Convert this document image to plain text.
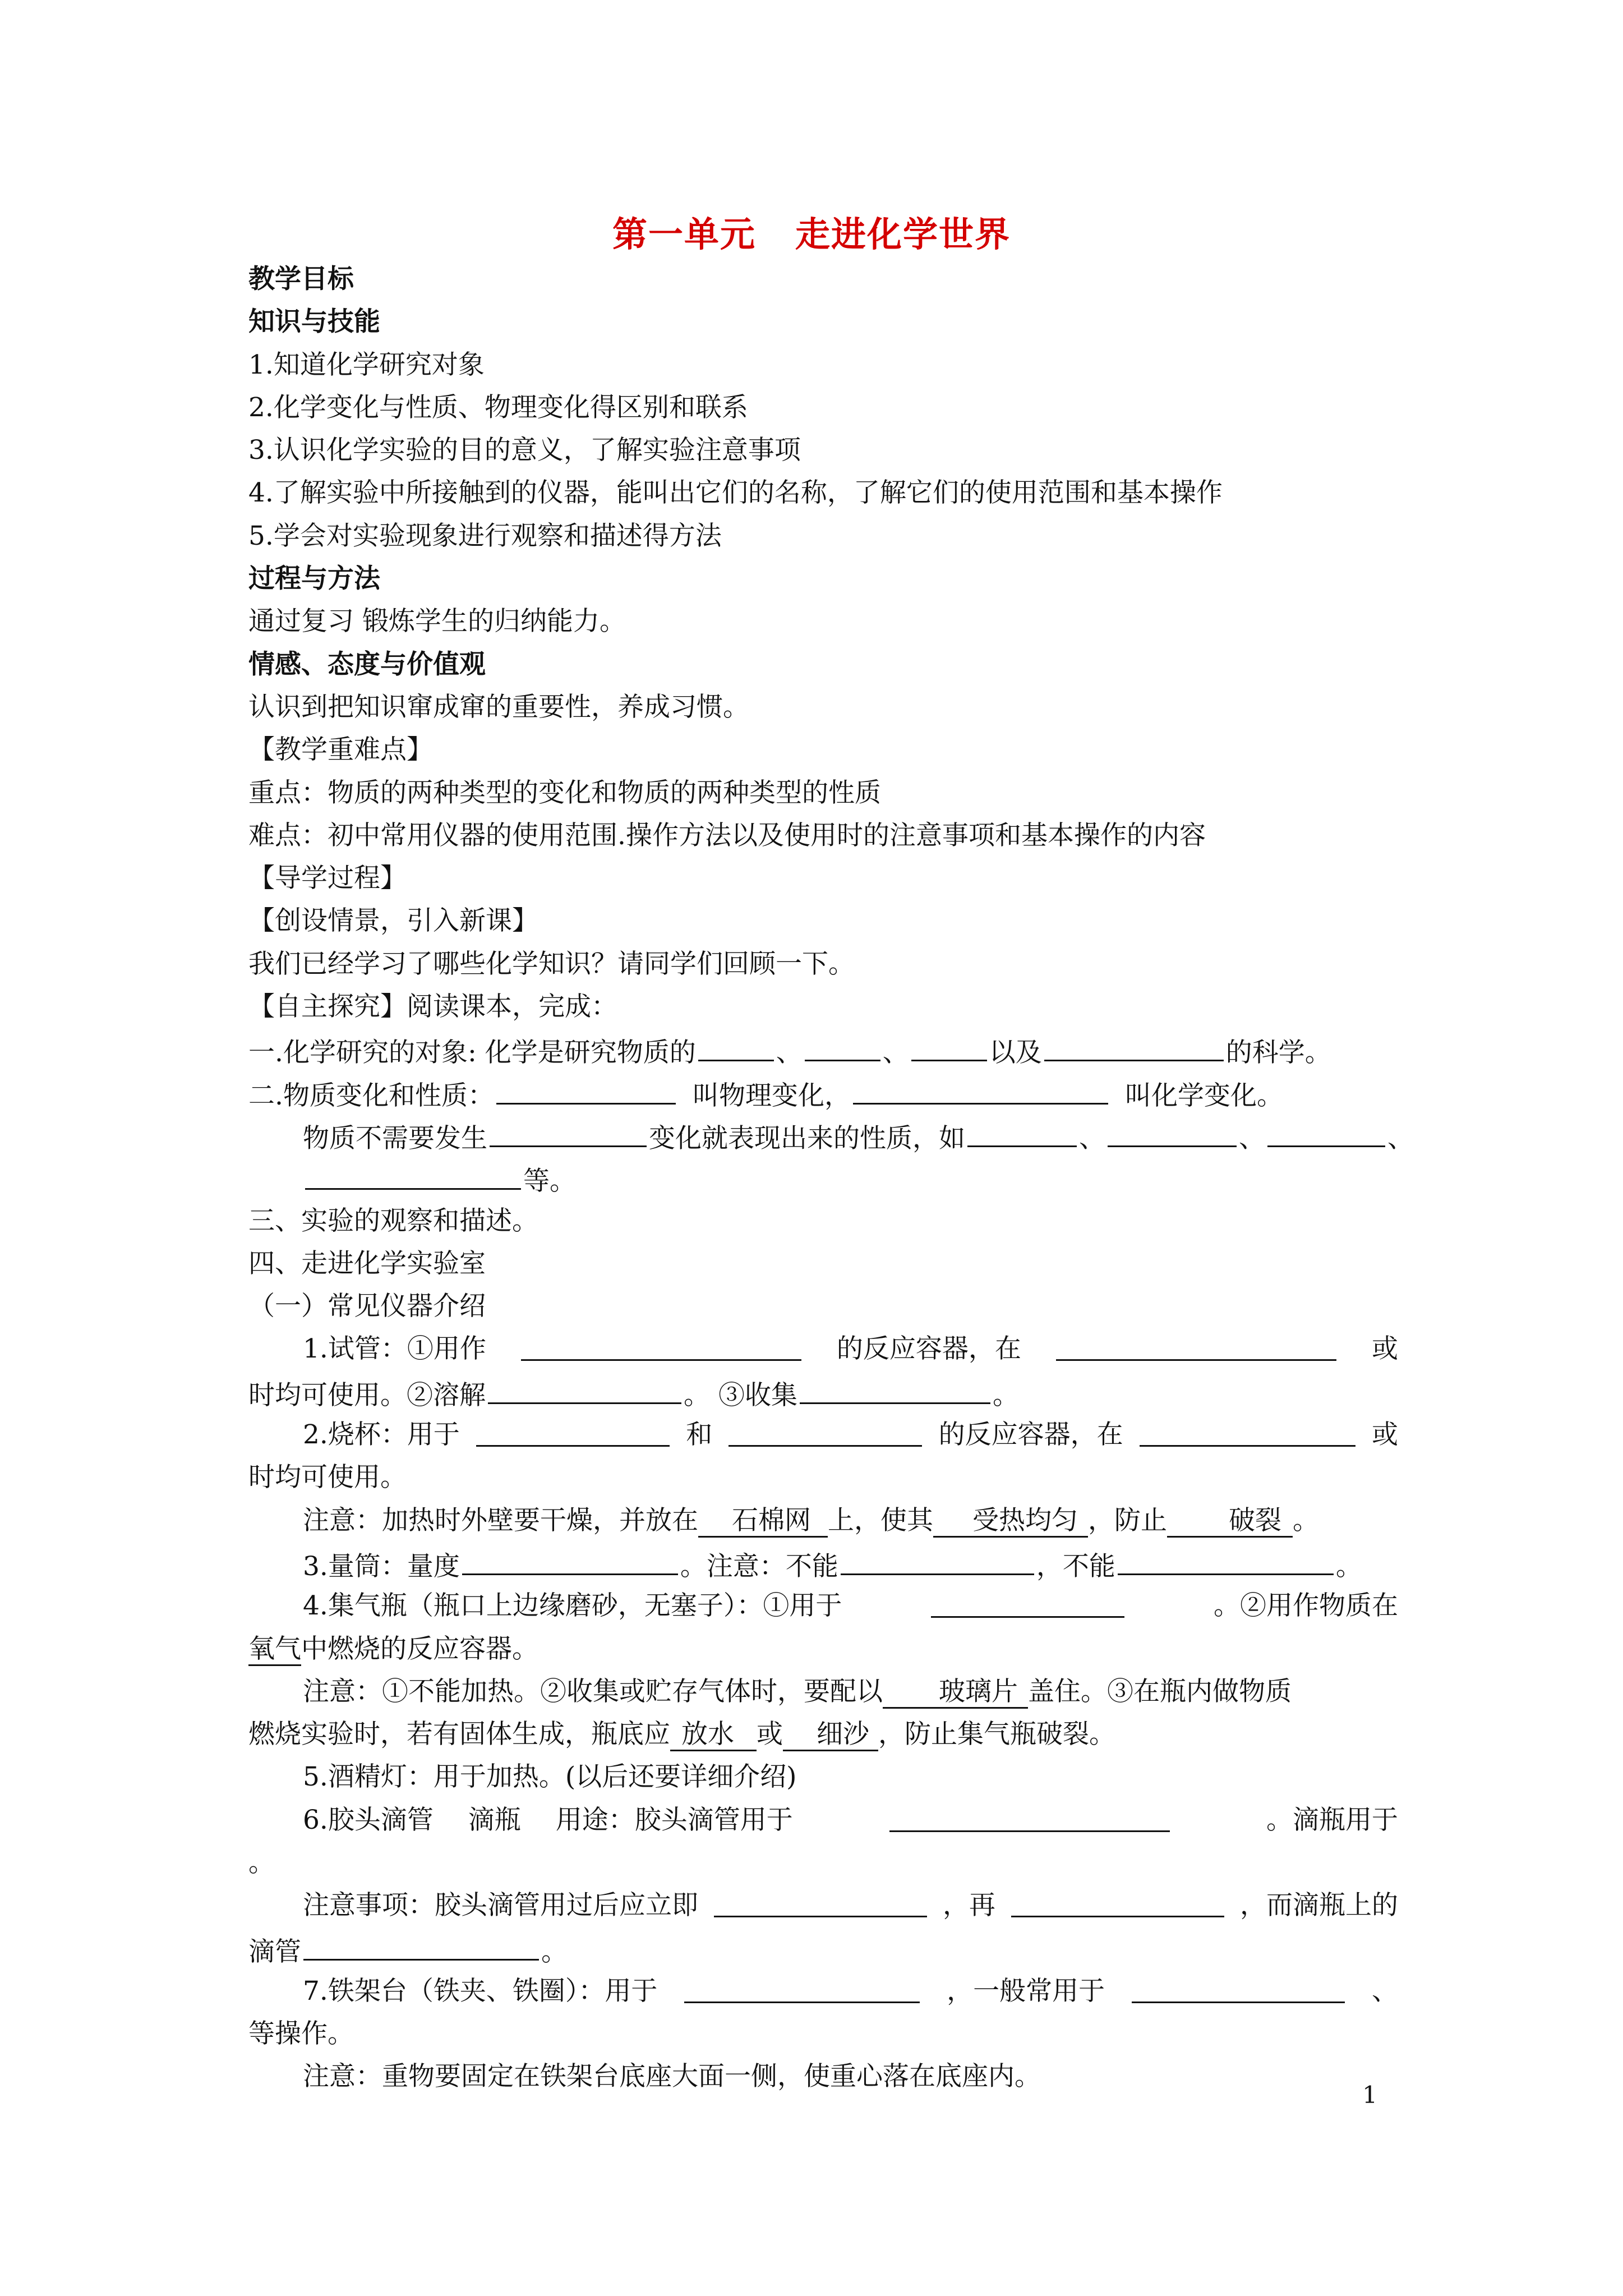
第一单元 走进化学世界
教学目标
知识与技能
1.知道化学研究对象
2.化学变化与性质、物理变化得区别和联系
3.认识化学实验的目的意义，了解实验注意事项
4.了解实验中所接触到的仪器，能叫出它们的名称，了解它们的使用范围和基本操作
5.学会对实验现象进行观察和描述得方法
过程与方法
通过复习 锻炼学生的归纳能力。
情感、态度与价值观
认识到把知识窜成窜的重要性，养成习惯。
【教学重难点】
重点：物质的两种类型的变化和物质的两种类型的性质
难点：初中常用仪器的使用范围.操作方法以及使用时的注意事项和基本操作的内容
【导学过程】
【创设情景，引入新课】
我们已经学习了哪些化学知识？请同学们回顾一下。
【自主探究】阅读课本，完成：
一.化学研究的对象: 化学是研究物质的	、	、	以及	的科学。
二.物质变化和性质：	叫物理变化，	叫化学变化。
物质不需要发生	变化就表现出来的性质，如	、	、	、
等。
三、实验的观察和描述。
四、走进化学实验室
（一）常见仪器介绍
1.试管：①用作	的反应容器，在	或
时均可使用。②溶解	。 ③收集	。
2.烧杯：用于	和	的反应容器，在	或
时均可使用。
注意：加热时外壁要干燥，并放在 石棉网 上，使其 受热均匀 ，防止 破裂 。
3.量筒：量度	。注意：不能	，不能	。
4.集气瓶（瓶口上边缘磨砂，无塞子）：①用于	。②用作物质在
氧气中燃烧的反应容器。
注意：①不能加热。②收集或贮存气体时，要配以 玻璃片 盖住。③在瓶内做物质
燃烧实验时，若有固体生成，瓶底应 放水 或 细沙 ，防止集气瓶破裂。
5.酒精灯：用于加热。(以后还要详细介绍)
6.胶头滴管　 滴瓶　 用途：胶头滴管用于	。滴瓶用于
。
注意事项：胶头滴管用过后应立即	，再	，而滴瓶上的
滴管	。
7.铁架台（铁夹、铁圈）：用于	，一般常用于	、
等操作。
注意：重物要固定在铁架台底座大面一侧，使重心落在底座内。
1
